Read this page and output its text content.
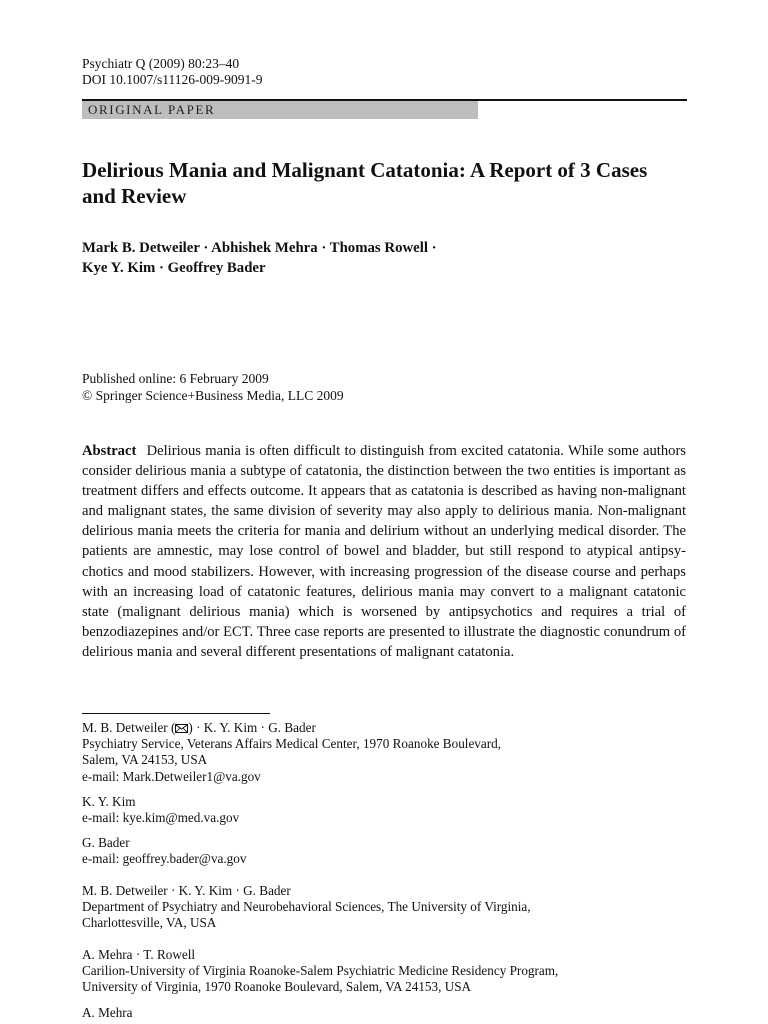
Psychiatr Q (2009) 80:23–40
DOI 10.1007/s11126-009-9091-9
ORIGINAL PAPER
Delirious Mania and Malignant Catatonia: A Report of 3 Cases and Review
Mark B. Detweiler · Abhishek Mehra · Thomas Rowell ·
Kye Y. Kim · Geoffrey Bader
Published online: 6 February 2009
© Springer Science+Business Media, LLC 2009

Abstract Delirious mania is often difficult to distinguish from excited catatonia. While some authors consider delirious mania a subtype of catatonia, the distinction between the two entities is important as treatment differs and effects outcome. It appears that as catatonia is described as having non-malignant and malignant states, the same division of severity may also apply to delirious mania. Non-malignant delirious mania meets the criteria for mania and delirium without an underlying medical disorder. The patients are amnestic, may lose control of bowel and bladder, but still respond to atypical antipsychotics and mood stabilizers. However, with increasing progression of the disease course and perhaps with an increasing load of catatonic features, delirious mania may convert to a malignant catatonic state (malignant delirious mania) which is worsened by antipsychotics and requires a trial of benzodiazepines and/or ECT. Three case reports are presented to illustrate the diagnostic conundrum of delirious mania and several different presentations of malignant catatonia.

M. B. Detweiler ( ) · K. Y. Kim · G. Bader
Psychiatry Service, Veterans Affairs Medical Center, 1970 Roanoke Boulevard,
Salem, VA 24153, USA
e-mail: Mark.Detweiler1@va.gov
K. Y. Kim
e-mail: kye.kim@med.va.gov
G. Bader
e-mail: geoffrey.bader@va.gov
M. B. Detweiler · K. Y. Kim · G. Bader
Department of Psychiatry and Neurobehavioral Sciences, The University of Virginia,
Charlottesville, VA, USA
A. Mehra · T. Rowell
Carilion-University of Virginia Roanoke-Salem Psychiatric Medicine Residency Program,
University of Virginia, 1970 Roanoke Boulevard, Salem, VA 24153, USA
A. Mehra
